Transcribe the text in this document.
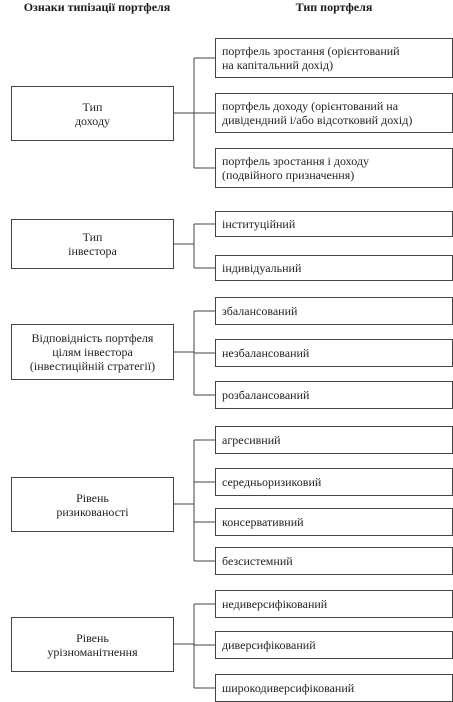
Ознаки типізації портфеля	Тип портфеля
Тип
доходу
портфель зростання (орієнтований
на капітальний дохід)
портфель доходу (орієнтований на
дивідендний і/або відсотковий дохід)
портфель зростання і доходу
(подвійного призначення)
Тип
інвестора
інституційний
індивідуальний
Відповідність портфеля
цілям інвестора
(інвестиційній стратегії)
збалансований
незбалансований
розбалансований
Рівень
ризикованості
агресивний
середньоризиковий
консервативний
безсистемний
Рівень
урізноманітнення
недиверсифікований
диверсифікований
широкодиверсифікований
